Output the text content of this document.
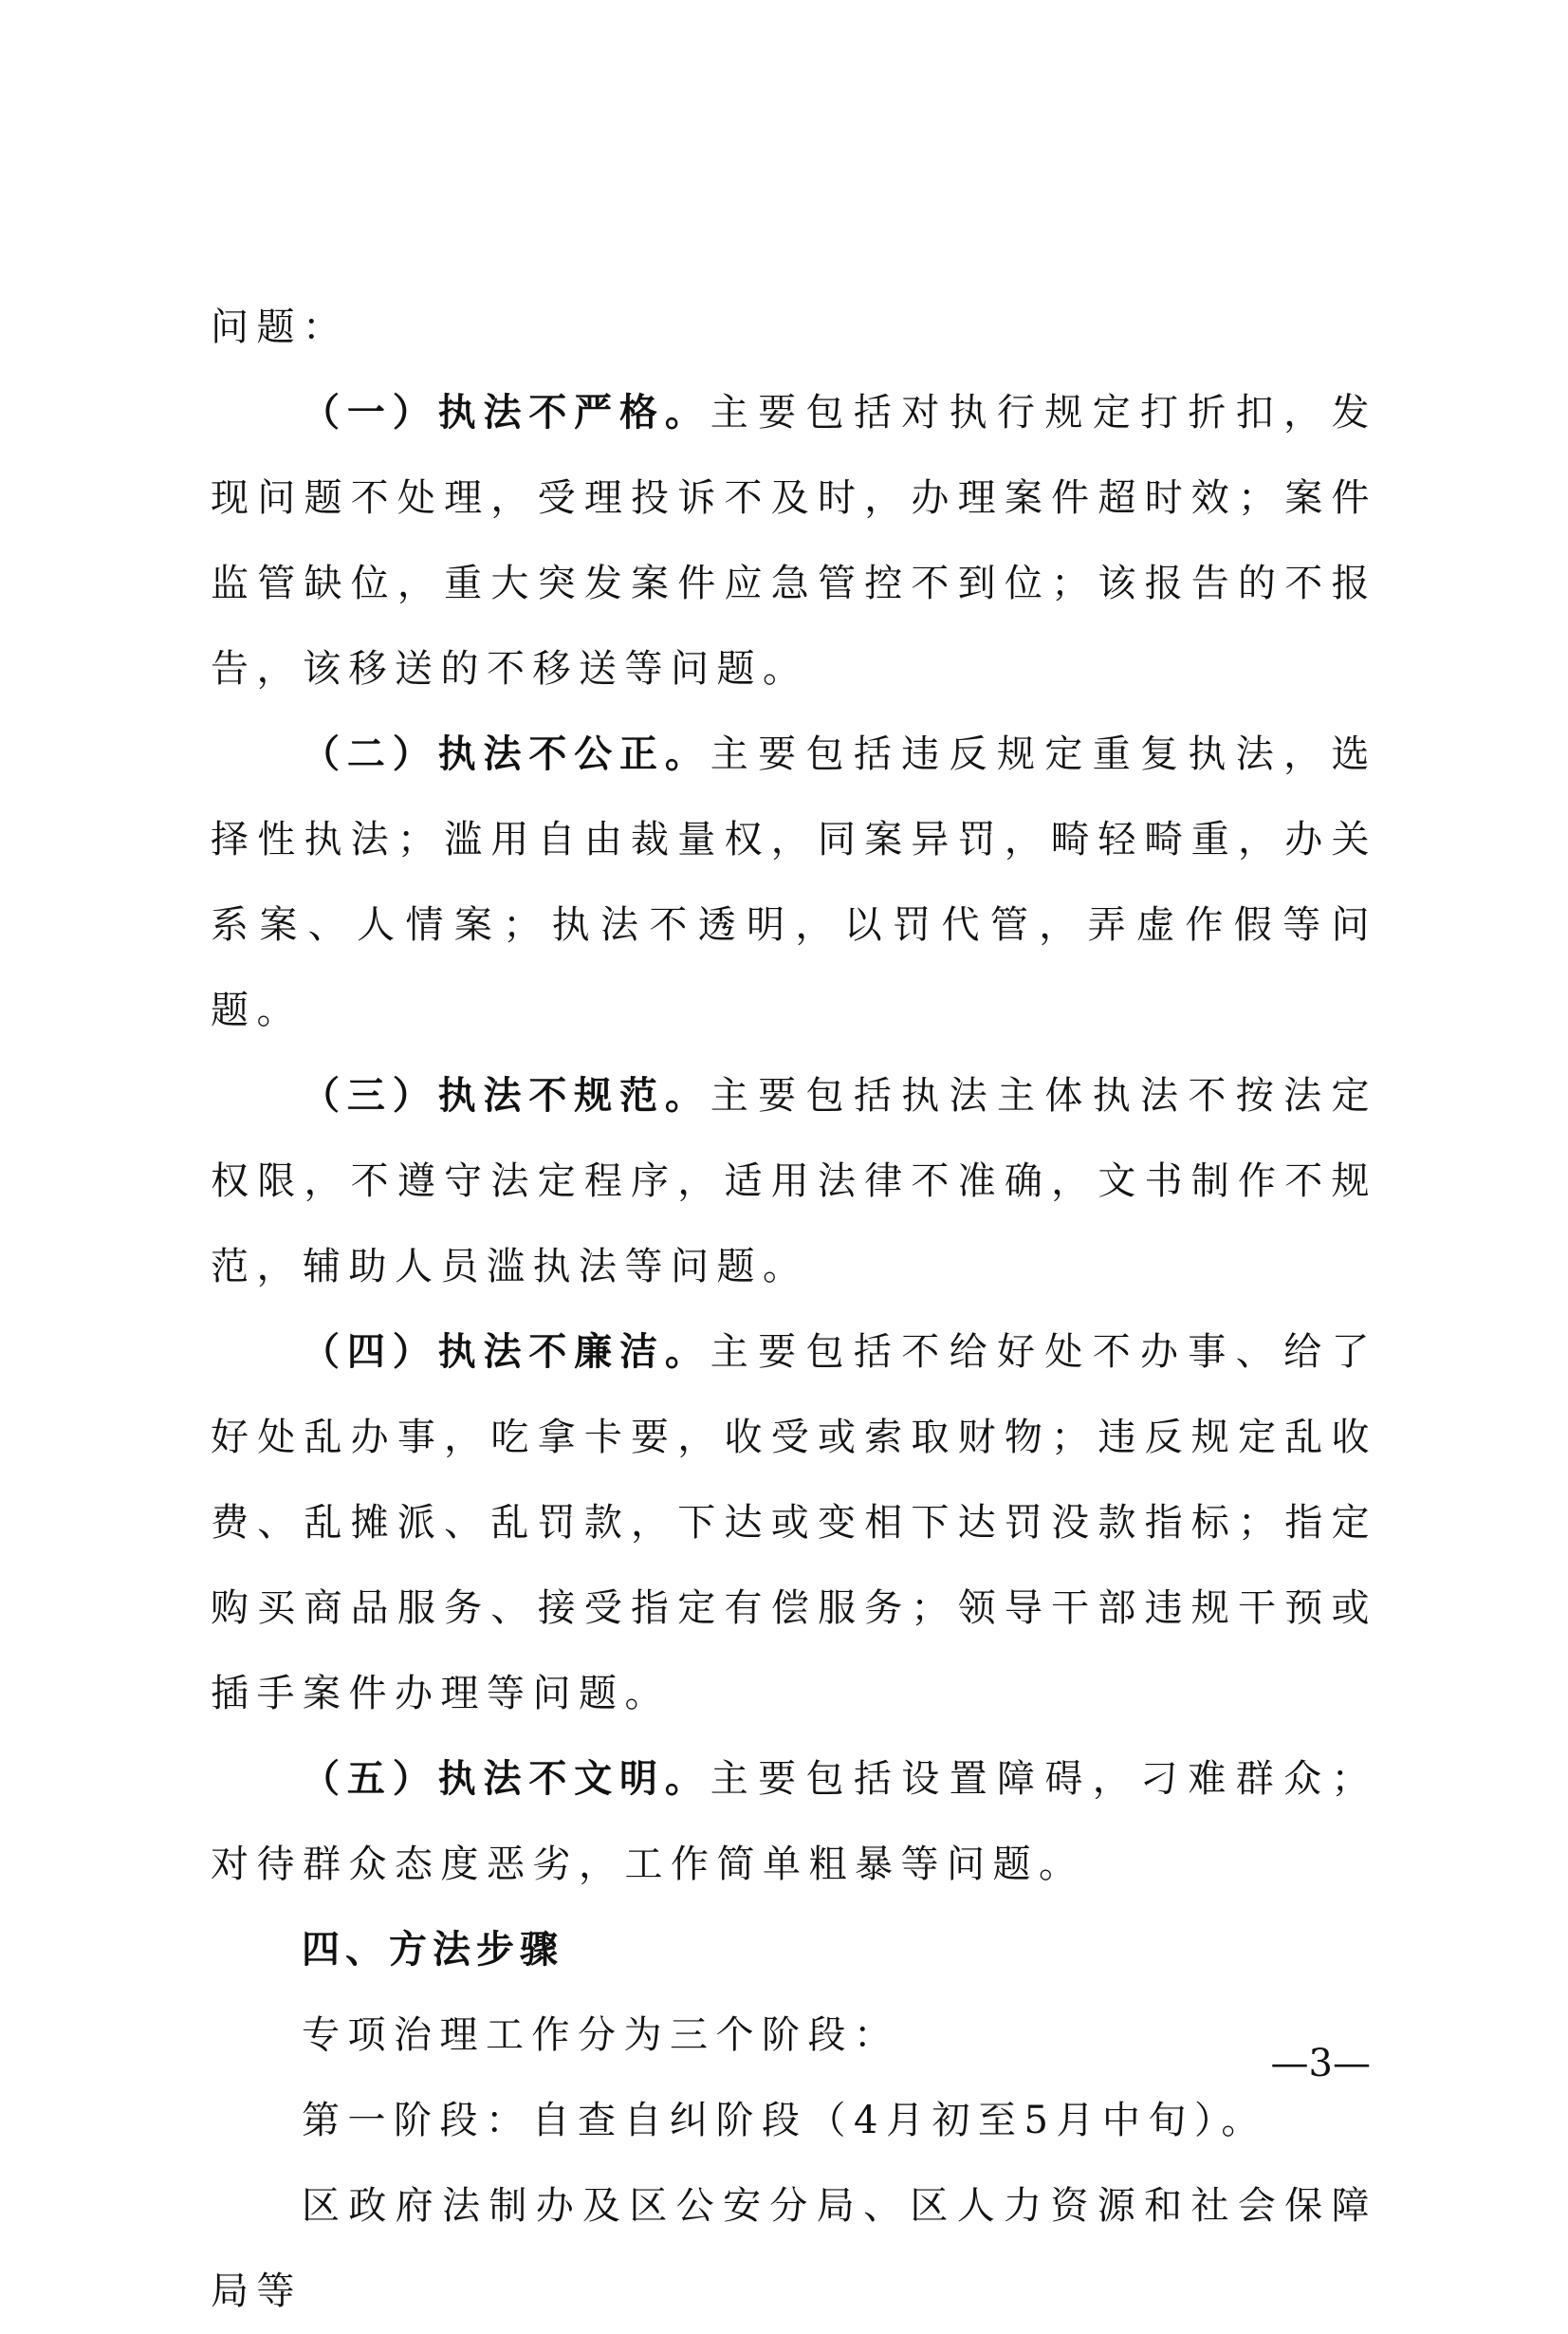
问题：

（一）执法不严格。主要包括对执行规定打折扣，发现问题不处理，受理投诉不及时，办理案件超时效；案件监管缺位，重大突发案件应急管控不到位；该报告的不报告，该移送的不移送等问题。

（二）执法不公正。主要包括违反规定重复执法，选择性执法；滥用自由裁量权，同案异罚，畸轻畸重，办关系案、人情案；执法不透明，以罚代管，弄虚作假等问题。

（三）执法不规范。主要包括执法主体执法不按法定权限，不遵守法定程序，适用法律不准确，文书制作不规范，辅助人员滥执法等问题。

（四）执法不廉洁。主要包括不给好处不办事、给了好处乱办事，吃拿卡要，收受或索取财物；违反规定乱收费、乱摊派、乱罚款，下达或变相下达罚没款指标；指定购买商品服务、接受指定有偿服务；领导干部违规干预或插手案件办理等问题。

（五）执法不文明。主要包括设置障碍，刁难群众；对待群众态度恶劣，工作简单粗暴等问题。

四、方法步骤

专项治理工作分为三个阶段：

第一阶段：自查自纠阶段（4月初至5月中旬）。

区政府法制办及区公安分局、区人力资源和社会保障局等

—3—
